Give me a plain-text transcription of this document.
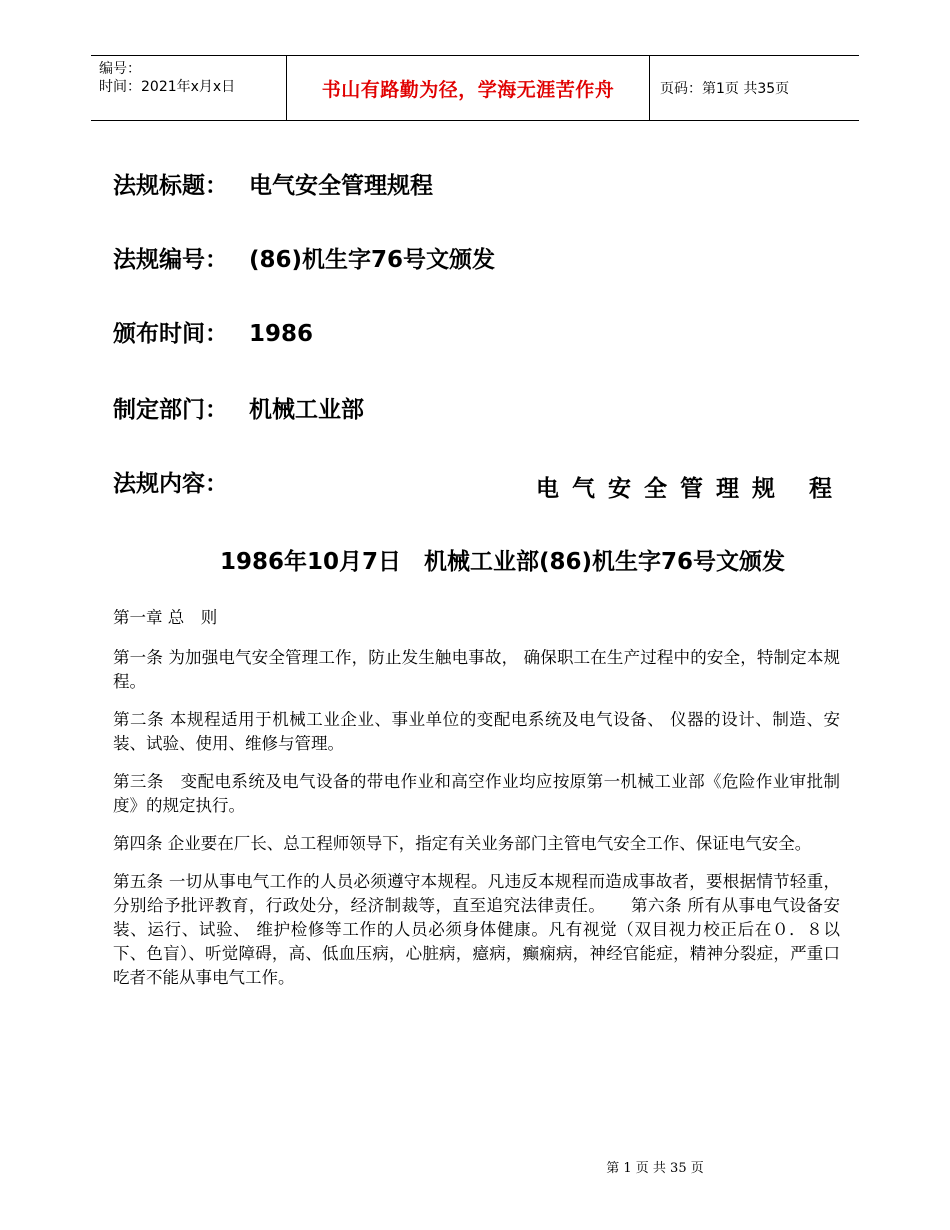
编号：
时间：2021年x月x日	书山有路勤为径，学海无涯苦作舟	页码：第1页 共35页
法规标题： 电气安全管理规程
法规编号： (86)机生字76号文颁发
颁布时间： 1986
制定部门： 机械工业部
法规内容：	电气安全管理规 程
1986年10月7日　机械工业部(86)机生字76号文颁发

第一章 总　则

第一条 为加强电气安全管理工作，防止发生触电事故， 确保职工在生产过程中的安全，特制定本规程。

第二条 本规程适用于机械工业企业、事业单位的变配电系统及电气设备、 仪器的设计、制造、安装、试验、使用、维修与管理。

第三条　变配电系统及电气设备的带电作业和高空作业均应按原第一机械工业部《危险作业审批制度》的规定执行。

第四条 企业要在厂长、总工程师领导下，指定有关业务部门主管电气安全工作、保证电气安全。

第五条 一切从事电气工作的人员必须遵守本规程。凡违反本规程而造成事故者，要根据情节轻重，分别给予批评教育，行政处分，经济制裁等，直至追究法律责任。　　第六条 所有从事电气设备安装、运行、试验、 维护检修等工作的人员必须身体健康。凡有视觉（双目视力校正后在０．８以下、色盲）、听觉障碍，高、低血压病，心脏病，癔病，癫痫病，神经官能症，精神分裂症，严重口吃者不能从事电气工作。

第 1 页 共 35 页
